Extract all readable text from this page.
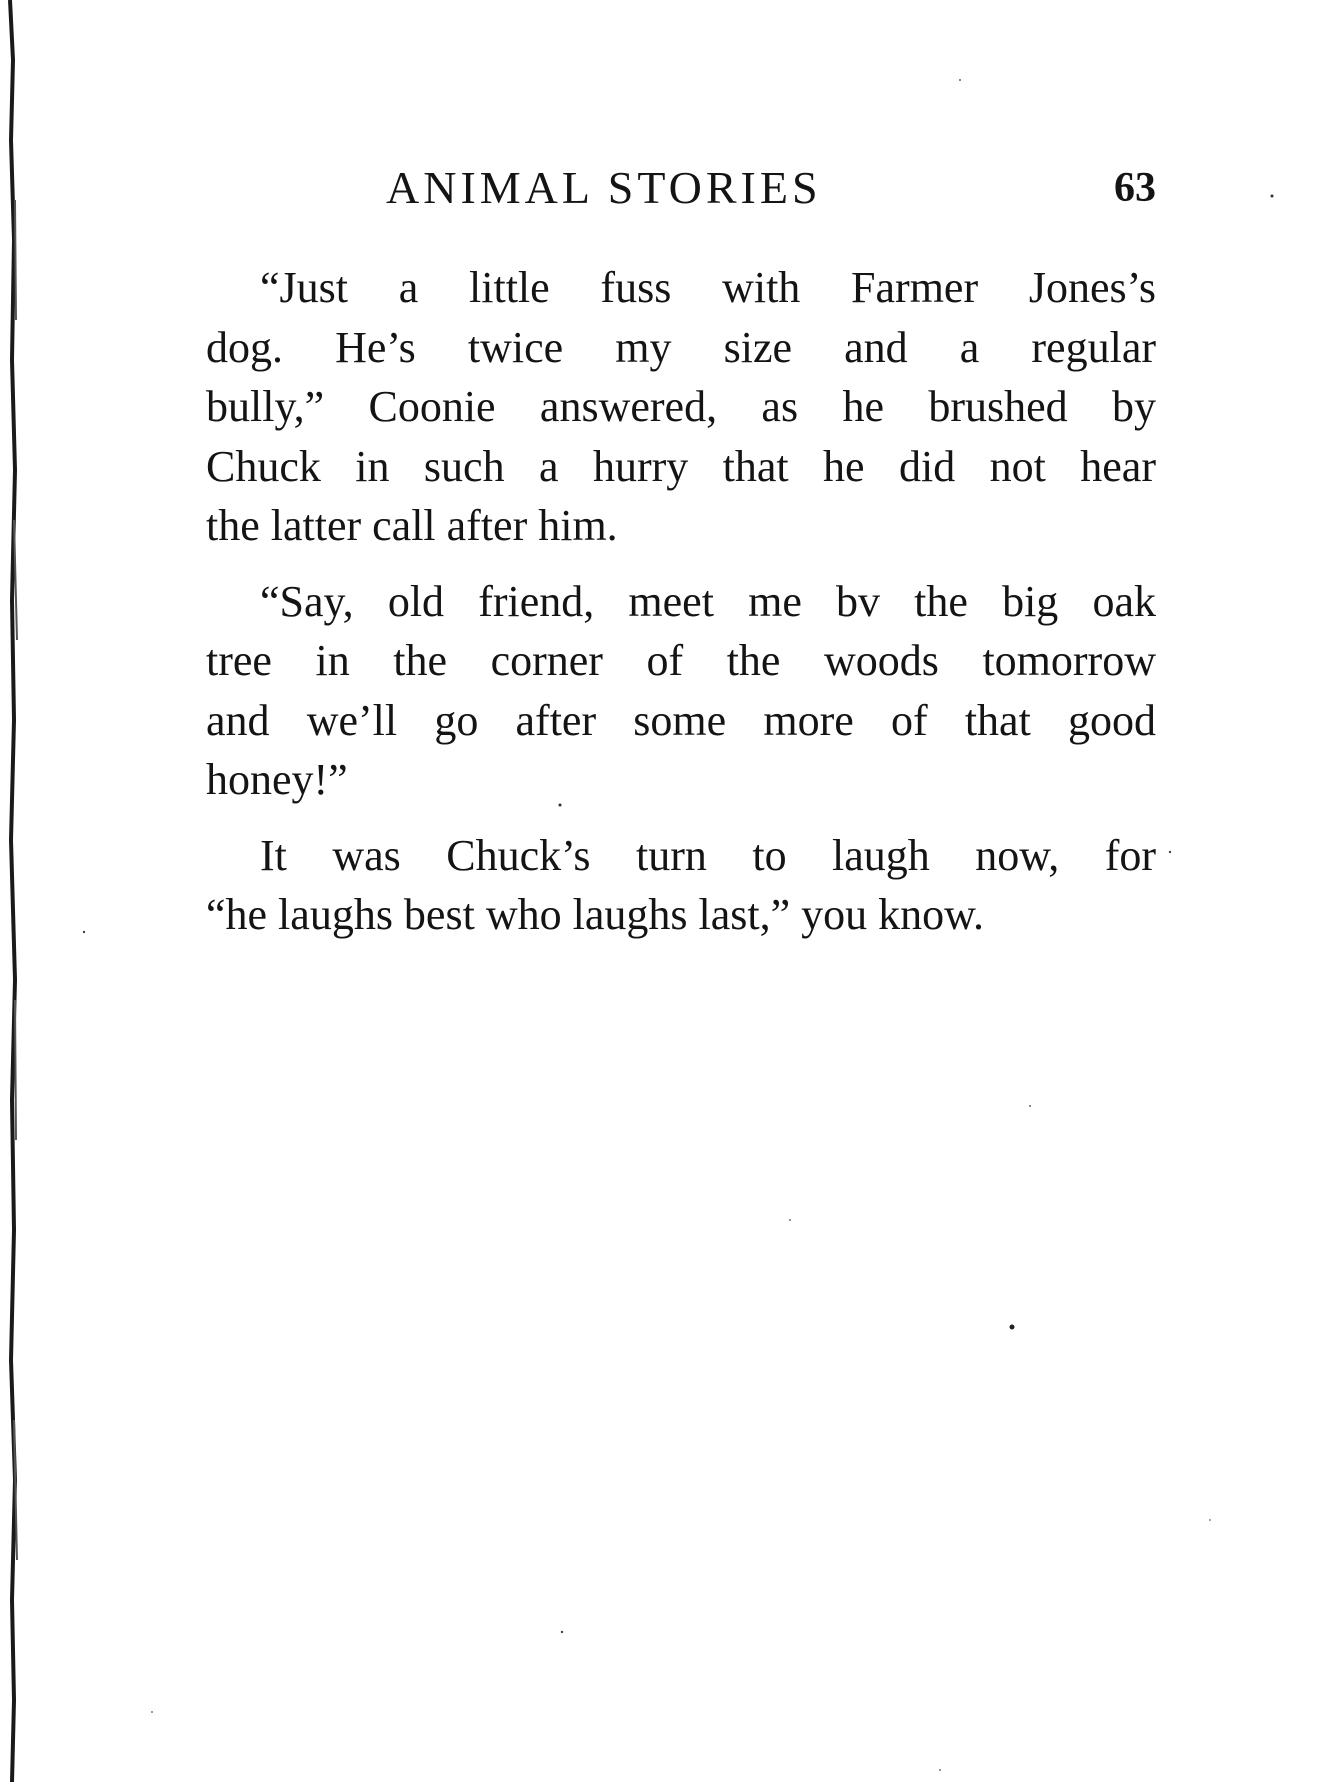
ANIMAL STORIES	63

“Just a little fuss with Farmer Jones’s
dog. He’s twice my size and a regular
bully,” Coonie answered, as he brushed by
Chuck in such a hurry that he did not hear
the latter call after him.

“Say, old friend, meet me bv the big oak
tree in the corner of the woods tomorrow
and we’ll go after some more of that good
honey!”

It was Chuck’s turn to laugh now, for
“he laughs best who laughs last,” you know.
